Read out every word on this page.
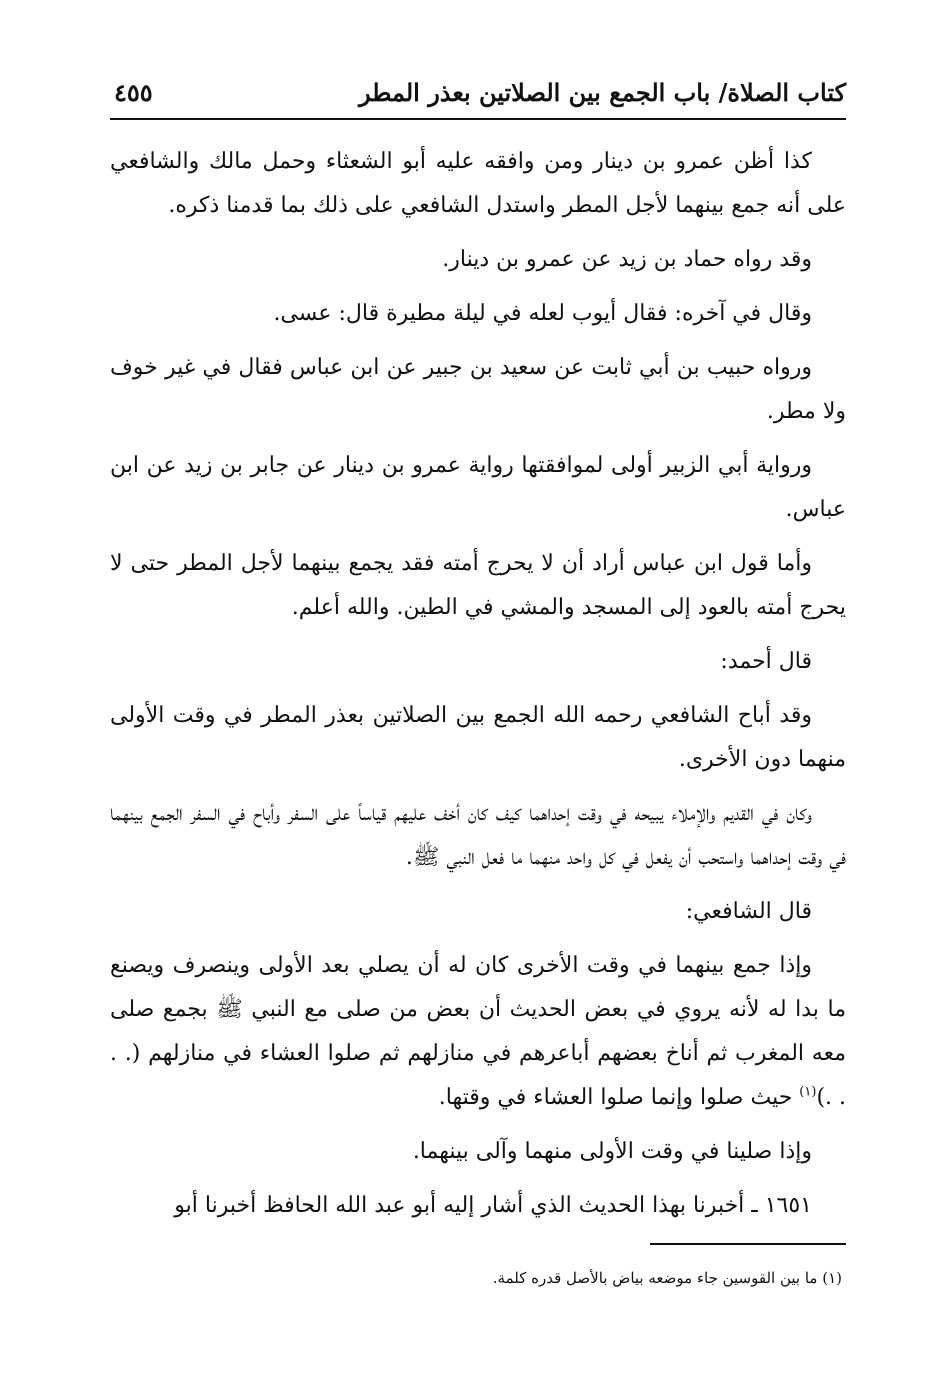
كتاب الصلاة/ باب الجمع بين الصلاتين بعذر المطر
٤٥٥

كذا أظن عمرو بن دينار ومن وافقه عليه أبو الشعثاء وحمل مالك والشافعي على أنه جمع بينهما لأجل المطر واستدل الشافعي على ذلك بما قدمنا ذكره.

وقد رواه حماد بن زيد عن عمرو بن دينار.

وقال في آخره: فقال أيوب لعله في ليلة مطيرة قال: عسى.

ورواه حبيب بن أبي ثابت عن سعيد بن جبير عن ابن عباس فقال في غير خوف ولا مطر.

ورواية أبي الزبير أولى لموافقتها رواية عمرو بن دينار عن جابر بن زيد عن ابن عباس.

وأما قول ابن عباس أراد أن لا يحرج أمته فقد يجمع بينهما لأجل المطر حتى لا يحرج أمته بالعود إلى المسجد والمشي في الطين. والله أعلم.

قال أحمد:

وقد أباح الشافعي رحمه الله الجمع بين الصلاتين بعذر المطر في وقت الأولى منهما دون الأخرى.

وكان في القديم والإملاء يبيحه في وقت إحداهما كيف كان أخف عليهم قياساً على السفر وأباح في السفر الجمع بينهما في وقت إحداهما واستحب أن يفعل في كل واحد منهما ما فعل النبي ﷺ.

قال الشافعي:

وإذا جمع بينهما في وقت الأخرى كان له أن يصلي بعد الأولى وينصرف ويصنع ما بدا له لأنه يروي في بعض الحديث أن بعض من صلى مع النبي ﷺ بجمع صلى معه المغرب ثم أناخ بعضهم أباعرهم في منازلهم ثم صلوا العشاء في منازلهم (. . . .)$^{(١)}$ حيث صلوا وإنما صلوا العشاء في وقتها.

وإذا صلينا في وقت الأولى منهما وآلى بينهما.

١٦٥١ ـ أخبرنا بهذا الحديث الذي أشار إليه أبو عبد الله الحافظ أخبرنا أبو

(١) ما بين القوسين جاء موضعه بياض بالأصل قدره كلمة.
